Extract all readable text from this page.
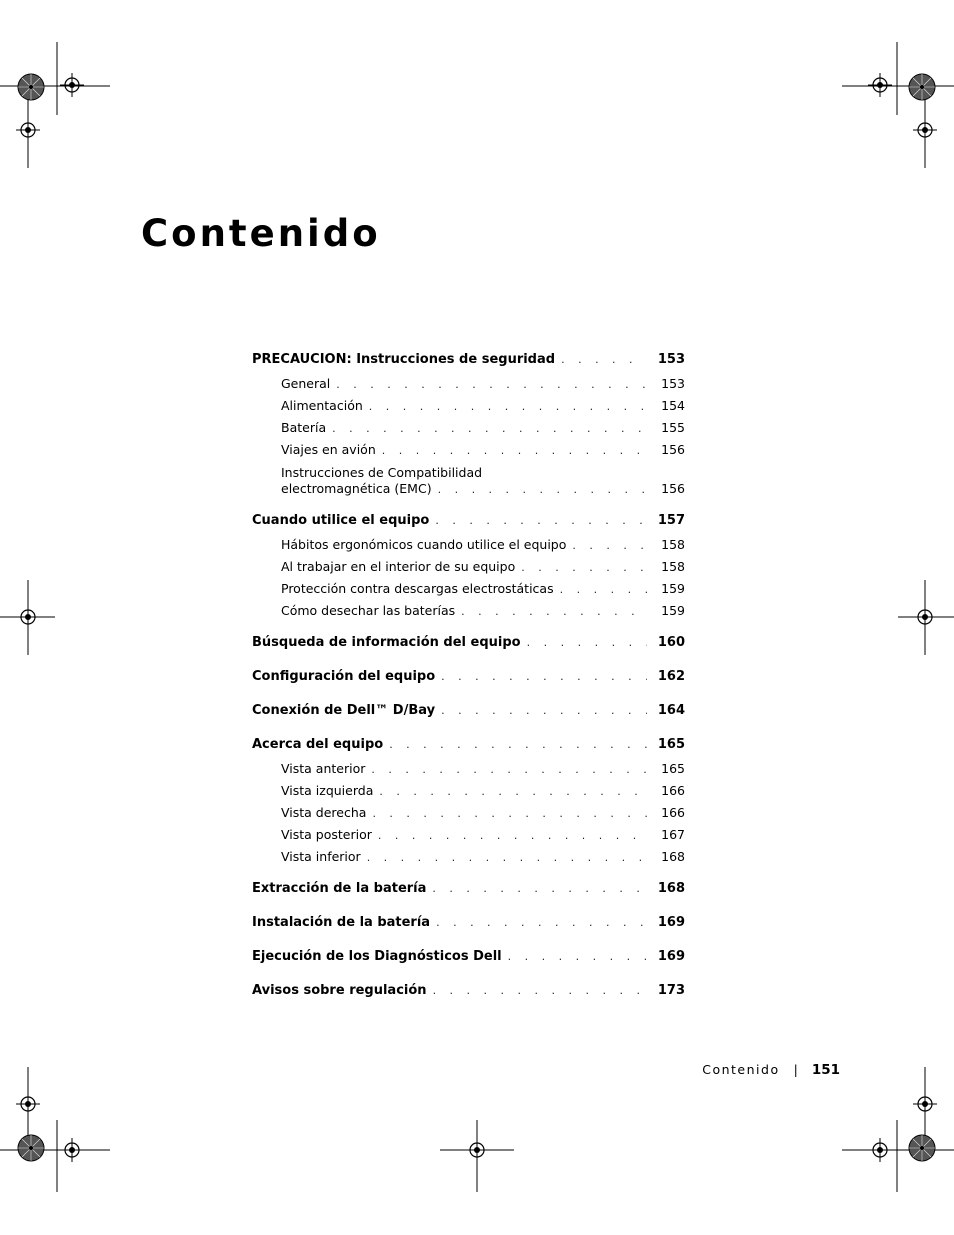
Contenido
PRECAUCIÓN: Instrucciones de seguridad . . .	153
General . . .	153
Alimentación . . .	154
Batería . . .	155
Viajes en avión . . .	156
Instrucciones de Compatibilidad
electromagnética (EMC) . . .	156
Cuando utilice el equipo . . .	157
Hábitos ergonómicos cuando utilice el equipo . . .	158
Al trabajar en el interior de su equipo . . .	158
Protección contra descargas electrostáticas . . .	159
Cómo desechar las baterías . . .	159
Búsqueda de información del equipo . . .	160
Configuración del equipo . . .	162
Conexión de Dell™ D/Bay . . .	164
Acerca del equipo . . .	165
Vista anterior . . .	165
Vista izquierda . . .	166
Vista derecha . . .	166
Vista posterior . . .	167
Vista inferior . . .	168
Extracción de la batería . . .	168
Instalación de la batería . . .	169
Ejecución de los Diagnósticos Dell . . .	169
Avisos sobre regulación . . .	173
Contenido | 151
